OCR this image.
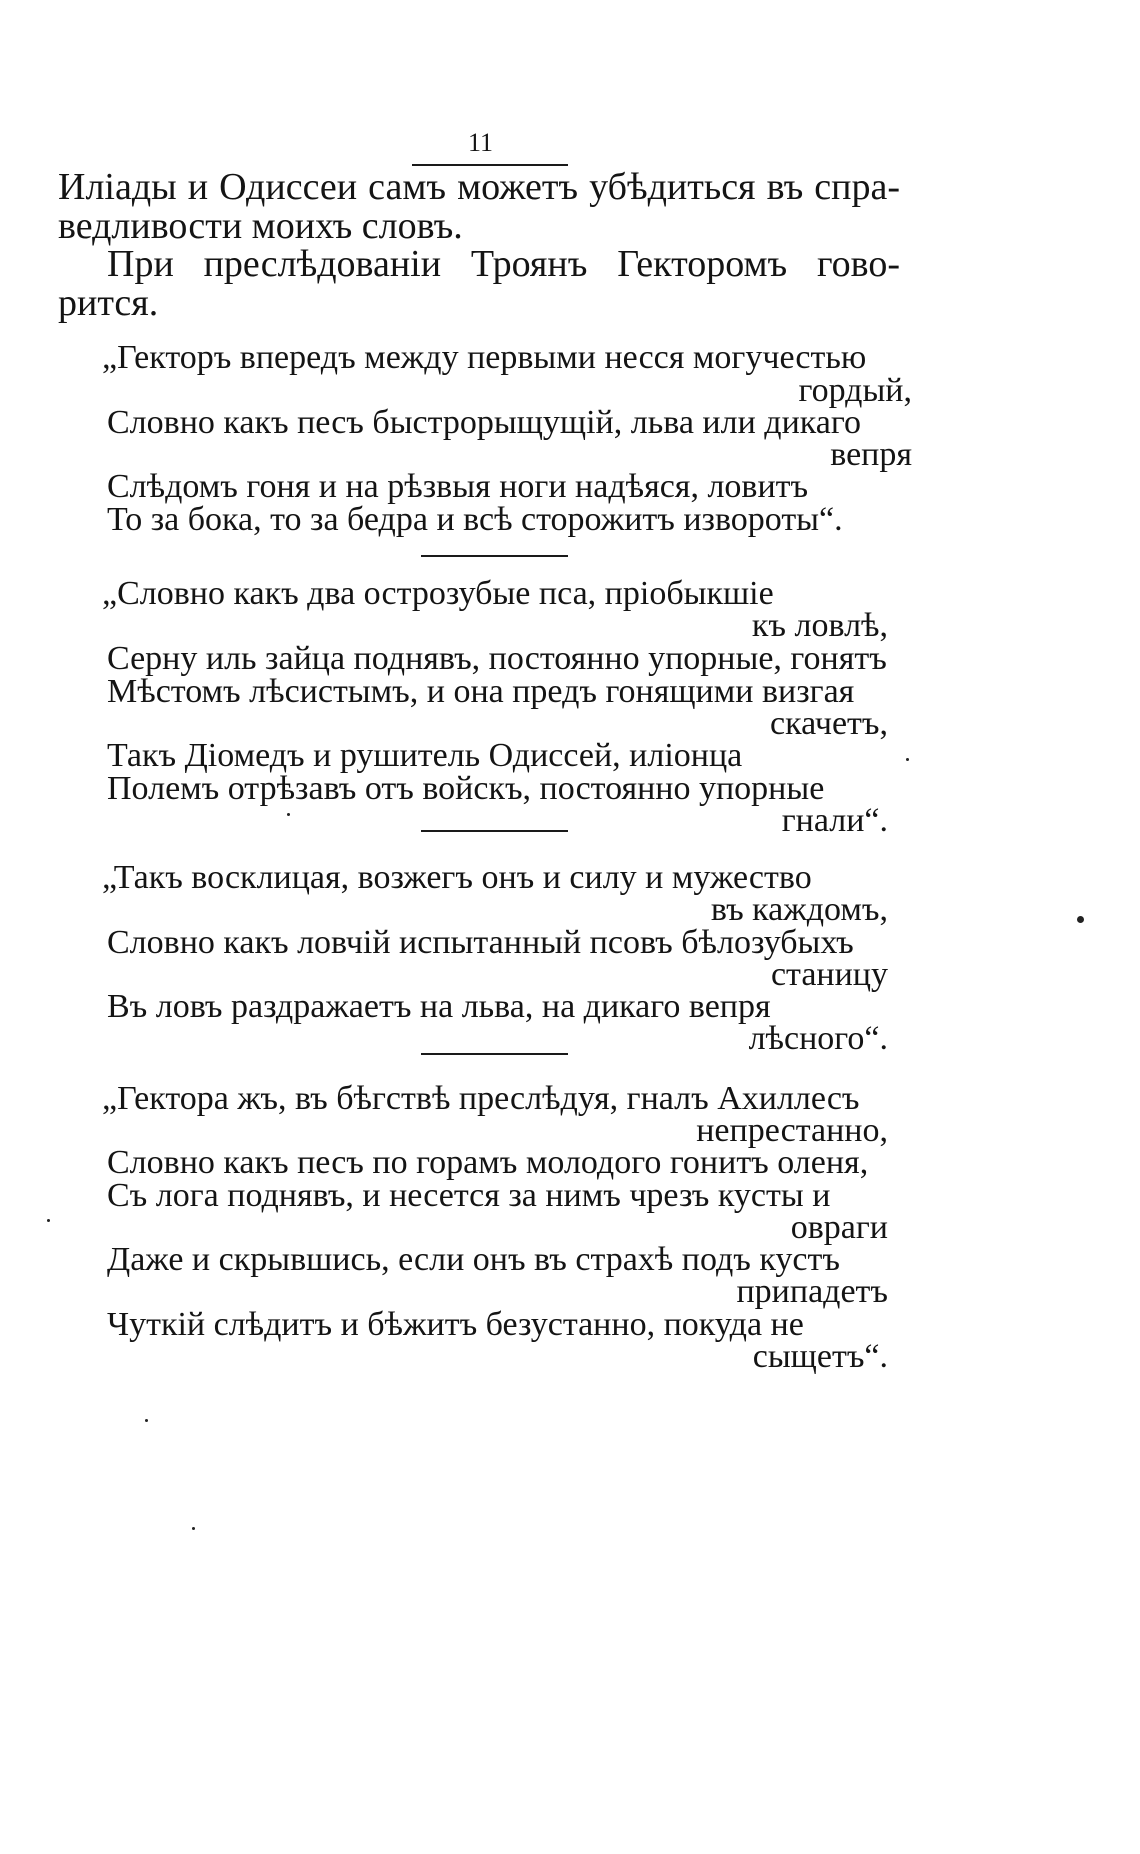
11
Иліады и Одиссеи самъ можетъ убѣдиться въ спра-
ведливости моихъ словъ.
При преслѣдованіи Троянъ Гекторомъ гово-
рится.
„Гекторъ впередъ между первыми несся могучестью
гордый,
Словно какъ песъ быстрорыщущій, льва или дикаго
вепря
Слѣдомъ гоня и на рѣзвыя ноги надѣяся, ловитъ
То за бока, то за бедра и всѣ сторожитъ извороты“.
„Словно какъ два острозубые пса, пріобыкшіе
къ ловлѣ,
Серну иль зайца поднявъ, постоянно упорные, гонятъ
Мѣстомъ лѣсистымъ, и она предъ гонящими визгая
скачетъ,
Такъ Діомедъ и рушитель Одиссей, иліонца
Полемъ отрѣзавъ отъ войскъ, постоянно упорные
гнали“.
„Такъ восклицая, возжегъ онъ и силу и мужество
въ каждомъ,
Словно какъ ловчій испытанный псовъ бѣлозубыхъ
станицу
Въ ловъ раздражаетъ на льва, на дикаго вепря
лѣсного“.
„Гектора жъ, въ бѣгствѣ преслѣдуя, гналъ Ахиллесъ
непрестанно,
Словно какъ песъ по горамъ молодого гонитъ оленя,
Съ лога поднявъ, и несется за нимъ чрезъ кусты и
овраги
Даже и скрывшись, если онъ въ страхѣ подъ кустъ
припадетъ
Чуткій слѣдитъ и бѣжитъ безустанно, покуда не
сыщетъ“.
